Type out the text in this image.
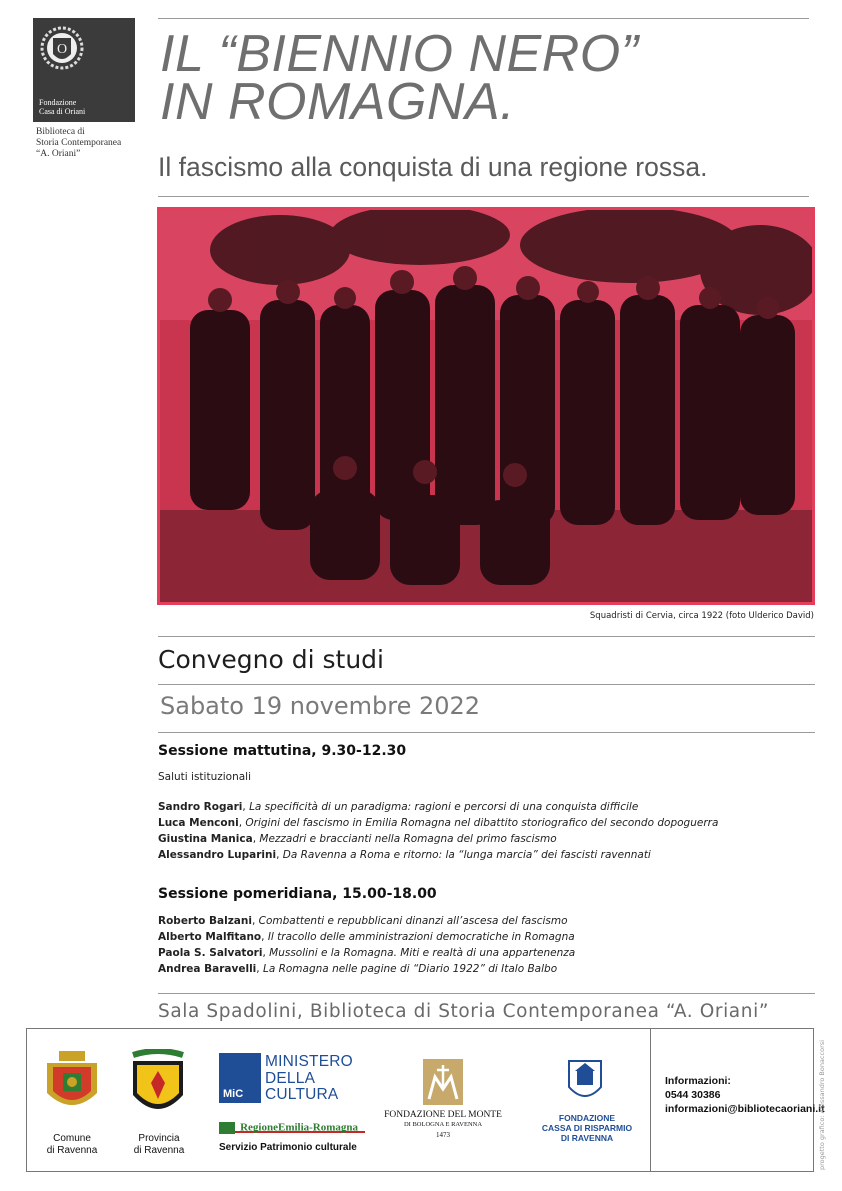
O
Fondazione
Casa di Oriani
Biblioteca di
Storia Contemporanea
“A. Oriani”
IL “BIENNIO NERO”
IN ROMAGNA.
Il fascismo alla conquista di una regione rossa.
Squadristi di Cervia, circa 1922 (foto Ulderico David)
Convegno di studi
Sabato 19 novembre 2022
Sessione mattutina, 9.30-12.30
Saluti istituzionali
Sandro Rogari, La specificità di un paradigma: ragioni e percorsi di una conquista difficile
Luca Menconi, Origini del fascismo in Emilia Romagna nel dibattito storiografico del secondo dopoguerra
Giustina Manica, Mezzadri e braccianti nella Romagna del primo fascismo
Alessandro Luparini, Da Ravenna a Roma e ritorno: la “lunga marcia” dei fascisti ravennati
Sessione pomeridiana, 15.00-18.00
Roberto Balzani, Combattenti e repubblicani dinanzi all’ascesa del fascismo
Alberto Malfitano, Il tracollo delle amministrazioni democratiche in Romagna
Paola S. Salvatori, Mussolini e la Romagna. Miti e realtà di una appartenenza
Andrea Baravelli, La Romagna nelle pagine di “Diario 1922” di Italo Balbo
Sala Spadolini, Biblioteca di Storia Contemporanea “A. Oriani”
Comune
di Ravenna
Provincia
di Ravenna
MiC
MINISTERO
DELLA
CULTURA
RegioneEmilia-Romagna
Servizio Patrimonio culturale
FONDAZIONE DEL MONTE
DI BOLOGNA E RAVENNA
1473
FONDAZIONE
CASSA DI RISPARMIO
DI RAVENNA
Informazioni:
0544 30386
informazioni@bibliotecaoriani.it
progetto grafico: Alessandro Bonaccorsi
